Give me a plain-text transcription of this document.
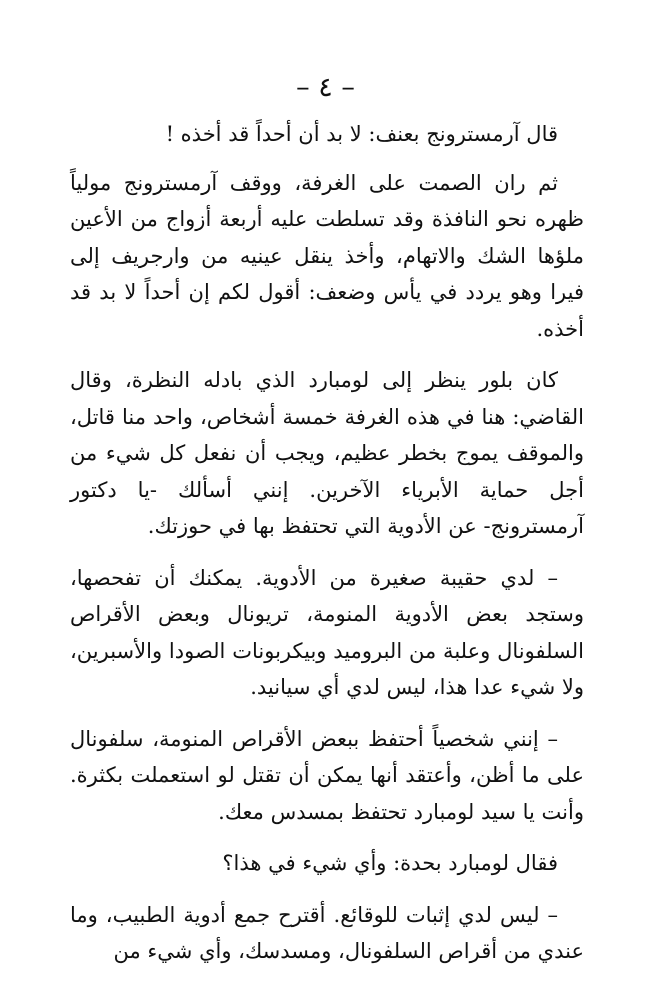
– ٤ –

قال آرمسترونج بعنف: لا بد أن أحداً قد أخذه !

ثم ران الصمت على الغرفة، ووقف آرمسترونج مولياً ظهره نحو النافذة وقد تسلطت عليه أربعة أزواج من الأعين ملؤها الشك والاتهام، وأخذ ينقل عينيه من وارجريف إلى فيرا وهو يردد في يأس وضعف: أقول لكم إن أحداً لا بد قد أخذه.

كان بلور ينظر إلى لومبارد الذي بادله النظرة، وقال القاضي: هنا في هذه الغرفة خمسة أشخاص، واحد منا قاتل، والموقف يموج بخطر عظيم، ويجب أن نفعل كل شيء من أجل حماية الأبرياء الآخرين. إنني أسألك -يا دكتور آرمسترونج- عن الأدوية التي تحتفظ بها في حوزتك.

– لدي حقيبة صغيرة من الأدوية. يمكنك أن تفحصها، وستجد بعض الأدوية المنومة، تريونال وبعض الأقراص السلفونال وعلبة من البروميد وبيكربونات الصودا والأسبرين، ولا شيء عدا هذا، ليس لدي أي سيانيد.

– إنني شخصياً أحتفظ ببعض الأقراص المنومة، سلفونال على ما أظن، وأعتقد أنها يمكن أن تقتل لو استعملت بكثرة. وأنت يا سيد لومبارد تحتفظ بمسدس معك.

فقال لومبارد بحدة: وأي شيء في هذا؟

– ليس لدي إثبات للوقائع. أقترح جمع أدوية الطبيب، وما عندي من أقراص السلفونال، ومسدسك، وأي شيء من
